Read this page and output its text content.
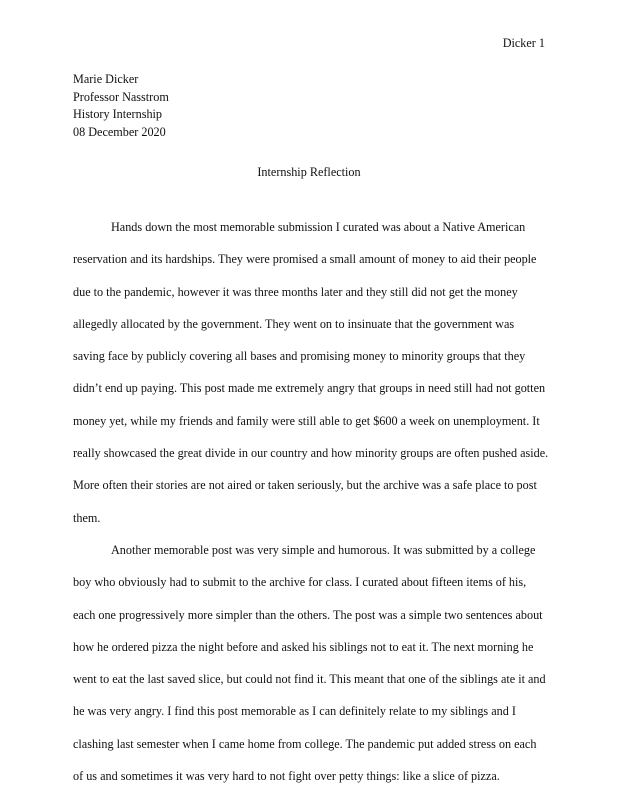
Dicker 1
Marie Dicker
Professor Nasstrom
History Internship
08 December 2020
Internship Reflection
Hands down the most memorable submission I curated was about a Native American
reservation and its hardships. They were promised a small amount of money to aid their people
due to the pandemic, however it was three months later and they still did not get the money
allegedly allocated by the government. They went on to insinuate that the government was
saving face by publicly covering all bases and promising money to minority groups that they
didn’t end up paying. This post made me extremely angry that groups in need still had not gotten
money yet, while my friends and family were still able to get $600 a week on unemployment. It
really showcased the great divide in our country and how minority groups are often pushed aside.
More often their stories are not aired or taken seriously, but the archive was a safe place to post
them.
Another memorable post was very simple and humorous. It was submitted by a college
boy who obviously had to submit to the archive for class. I curated about fifteen items of his,
each one progressively more simpler than the others. The post was a simple two sentences about
how he ordered pizza the night before and asked his siblings not to eat it. The next morning he
went to eat the last saved slice, but could not find it. This meant that one of the siblings ate it and
he was very angry. I find this post memorable as I can definitely relate to my siblings and I
clashing last semester when I came home from college. The pandemic put added stress on each
of us and sometimes it was very hard to not fight over petty things: like a slice of pizza.
